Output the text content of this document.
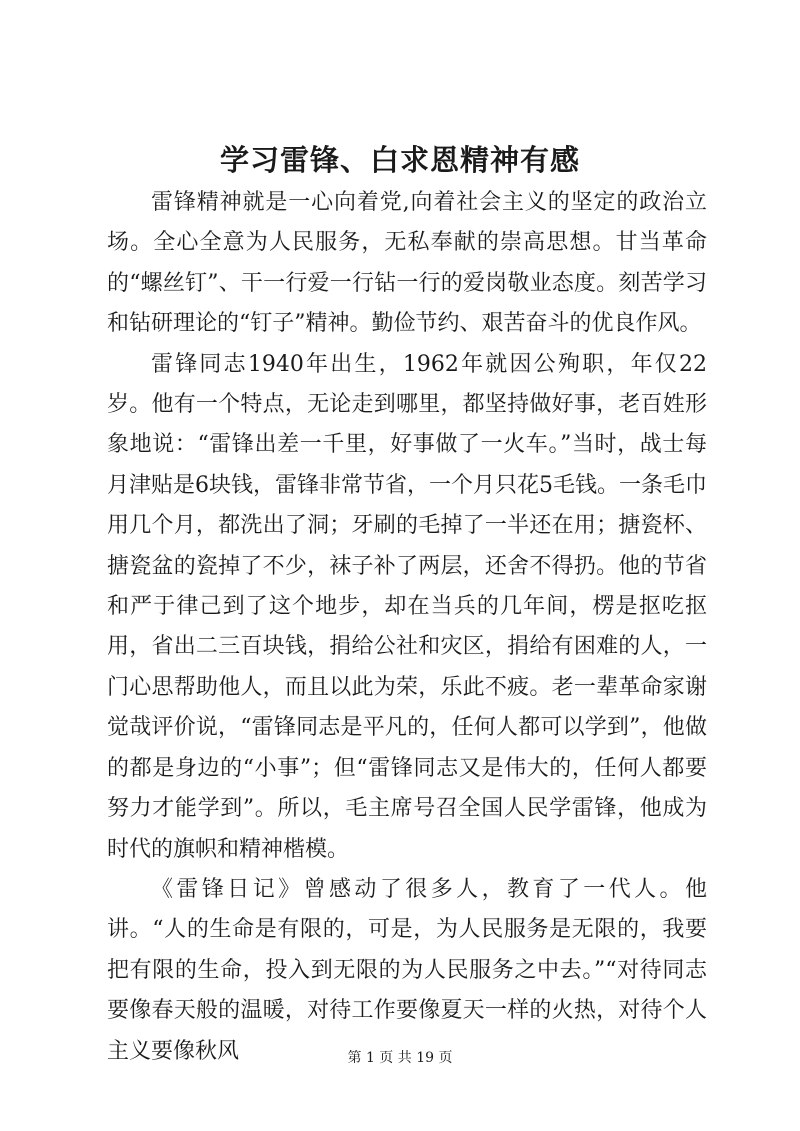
学习雷锋、白求恩精神有感

雷锋精神就是一心向着党,向着社会主义的坚定的政治立场。全心全意为人民服务，无私奉献的崇高思想。甘当革命的“螺丝钉”、干一行爱一行钻一行的爱岗敬业态度。刻苦学习和钻研理论的“钉子”精神。勤俭节约、艰苦奋斗的优良作风。

雷锋同志1940年出生，1962年就因公殉职，年仅22岁。他有一个特点，无论走到哪里，都坚持做好事，老百姓形象地说：“雷锋出差一千里，好事做了一火车。”当时，战士每月津贴是6块钱，雷锋非常节省，一个月只花5毛钱。一条毛巾用几个月，都洗出了洞；牙刷的毛掉了一半还在用；搪瓷杯、搪瓷盆的瓷掉了不少，袜子补了两层，还舍不得扔。他的节省和严于律己到了这个地步，却在当兵的几年间，楞是抠吃抠用，省出二三百块钱，捐给公社和灾区，捐给有困难的人，一门心思帮助他人，而且以此为荣，乐此不疲。老一辈革命家谢觉哉评价说，“雷锋同志是平凡的，任何人都可以学到”，他做的都是身边的“小事”；但“雷锋同志又是伟大的，任何人都要努力才能学到”。所以，毛主席号召全国人民学雷锋，他成为时代的旗帜和精神楷模。

《雷锋日记》曾感动了很多人，教育了一代人。他讲。“人的生命是有限的，可是，为人民服务是无限的，我要把有限的生命，投入到无限的为人民服务之中去。”“对待同志要像春天般的温暖，对待工作要像夏天一样的火热，对待个人主义要像秋风	第 1 页 共 19 页
